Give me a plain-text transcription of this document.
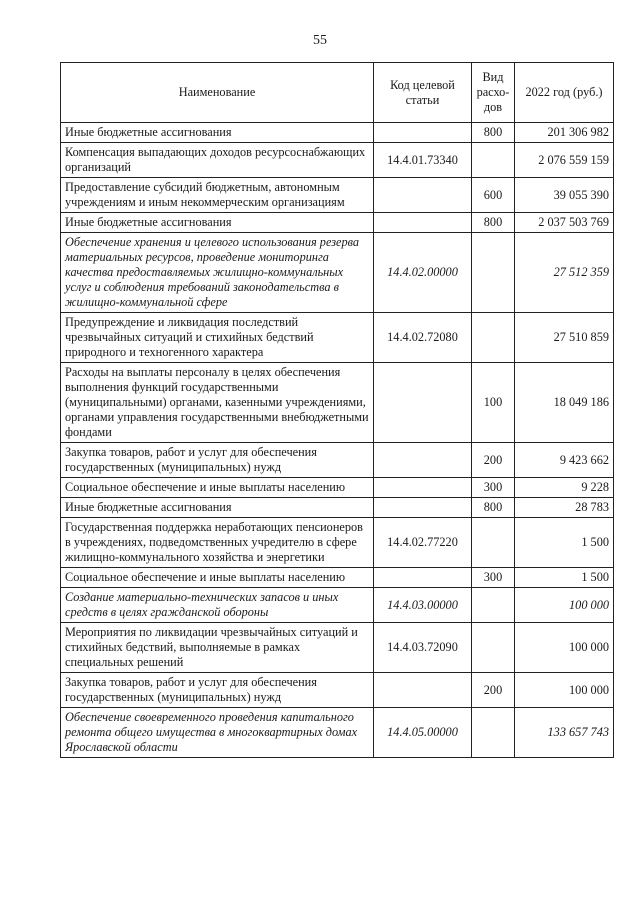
55
Наименование	Код целевой статьи	Вид расхо-дов	2022 год (руб.)
Иные бюджетные ассигнования		800	201 306 982
Компенсация выпадающих доходов ресурсоснабжающих организаций	14.4.01.73340		2 076 559 159
Предоставление субсидий бюджетным, автономным учреждениям и иным некоммерческим организациям		600	39 055 390
Иные бюджетные ассигнования		800	2 037 503 769
Обеспечение хранения и целевого использования резерва материальных ресурсов, проведение мониторинга качества предоставляемых жилищно-коммунальных услуг и соблюдения требований законодательства в жилищно-коммунальной сфере	14.4.02.00000		27 512 359
Предупреждение и ликвидация последствий чрезвычайных ситуаций и стихийных бедствий природного и техногенного характера	14.4.02.72080		27 510 859
Расходы на выплаты персоналу в целях обеспечения выполнения функций государственными (муниципальными) органами, казенными учреждениями, органами управления государственными внебюджетными фондами		100	18 049 186
Закупка товаров, работ и услуг для обеспечения государственных (муниципальных) нужд		200	9 423 662
Социальное обеспечение и иные выплаты населению		300	9 228
Иные бюджетные ассигнования		800	28 783
Государственная поддержка неработающих пенсионеров в учреждениях, подведомственных учредителю в сфере жилищно-коммунального хозяйства и энергетики	14.4.02.77220		1 500
Социальное обеспечение и иные выплаты населению		300	1 500
Создание материально-технических запасов и иных средств в целях гражданской обороны	14.4.03.00000		100 000
Мероприятия по ликвидации чрезвычайных ситуаций и стихийных бедствий, выполняемые в рамках специальных решений	14.4.03.72090		100 000
Закупка товаров, работ и услуг для обеспечения государственных (муниципальных) нужд		200	100 000
Обеспечение своевременного проведения капитального ремонта общего имущества в многоквартирных домах Ярославской области	14.4.05.00000		133 657 743
